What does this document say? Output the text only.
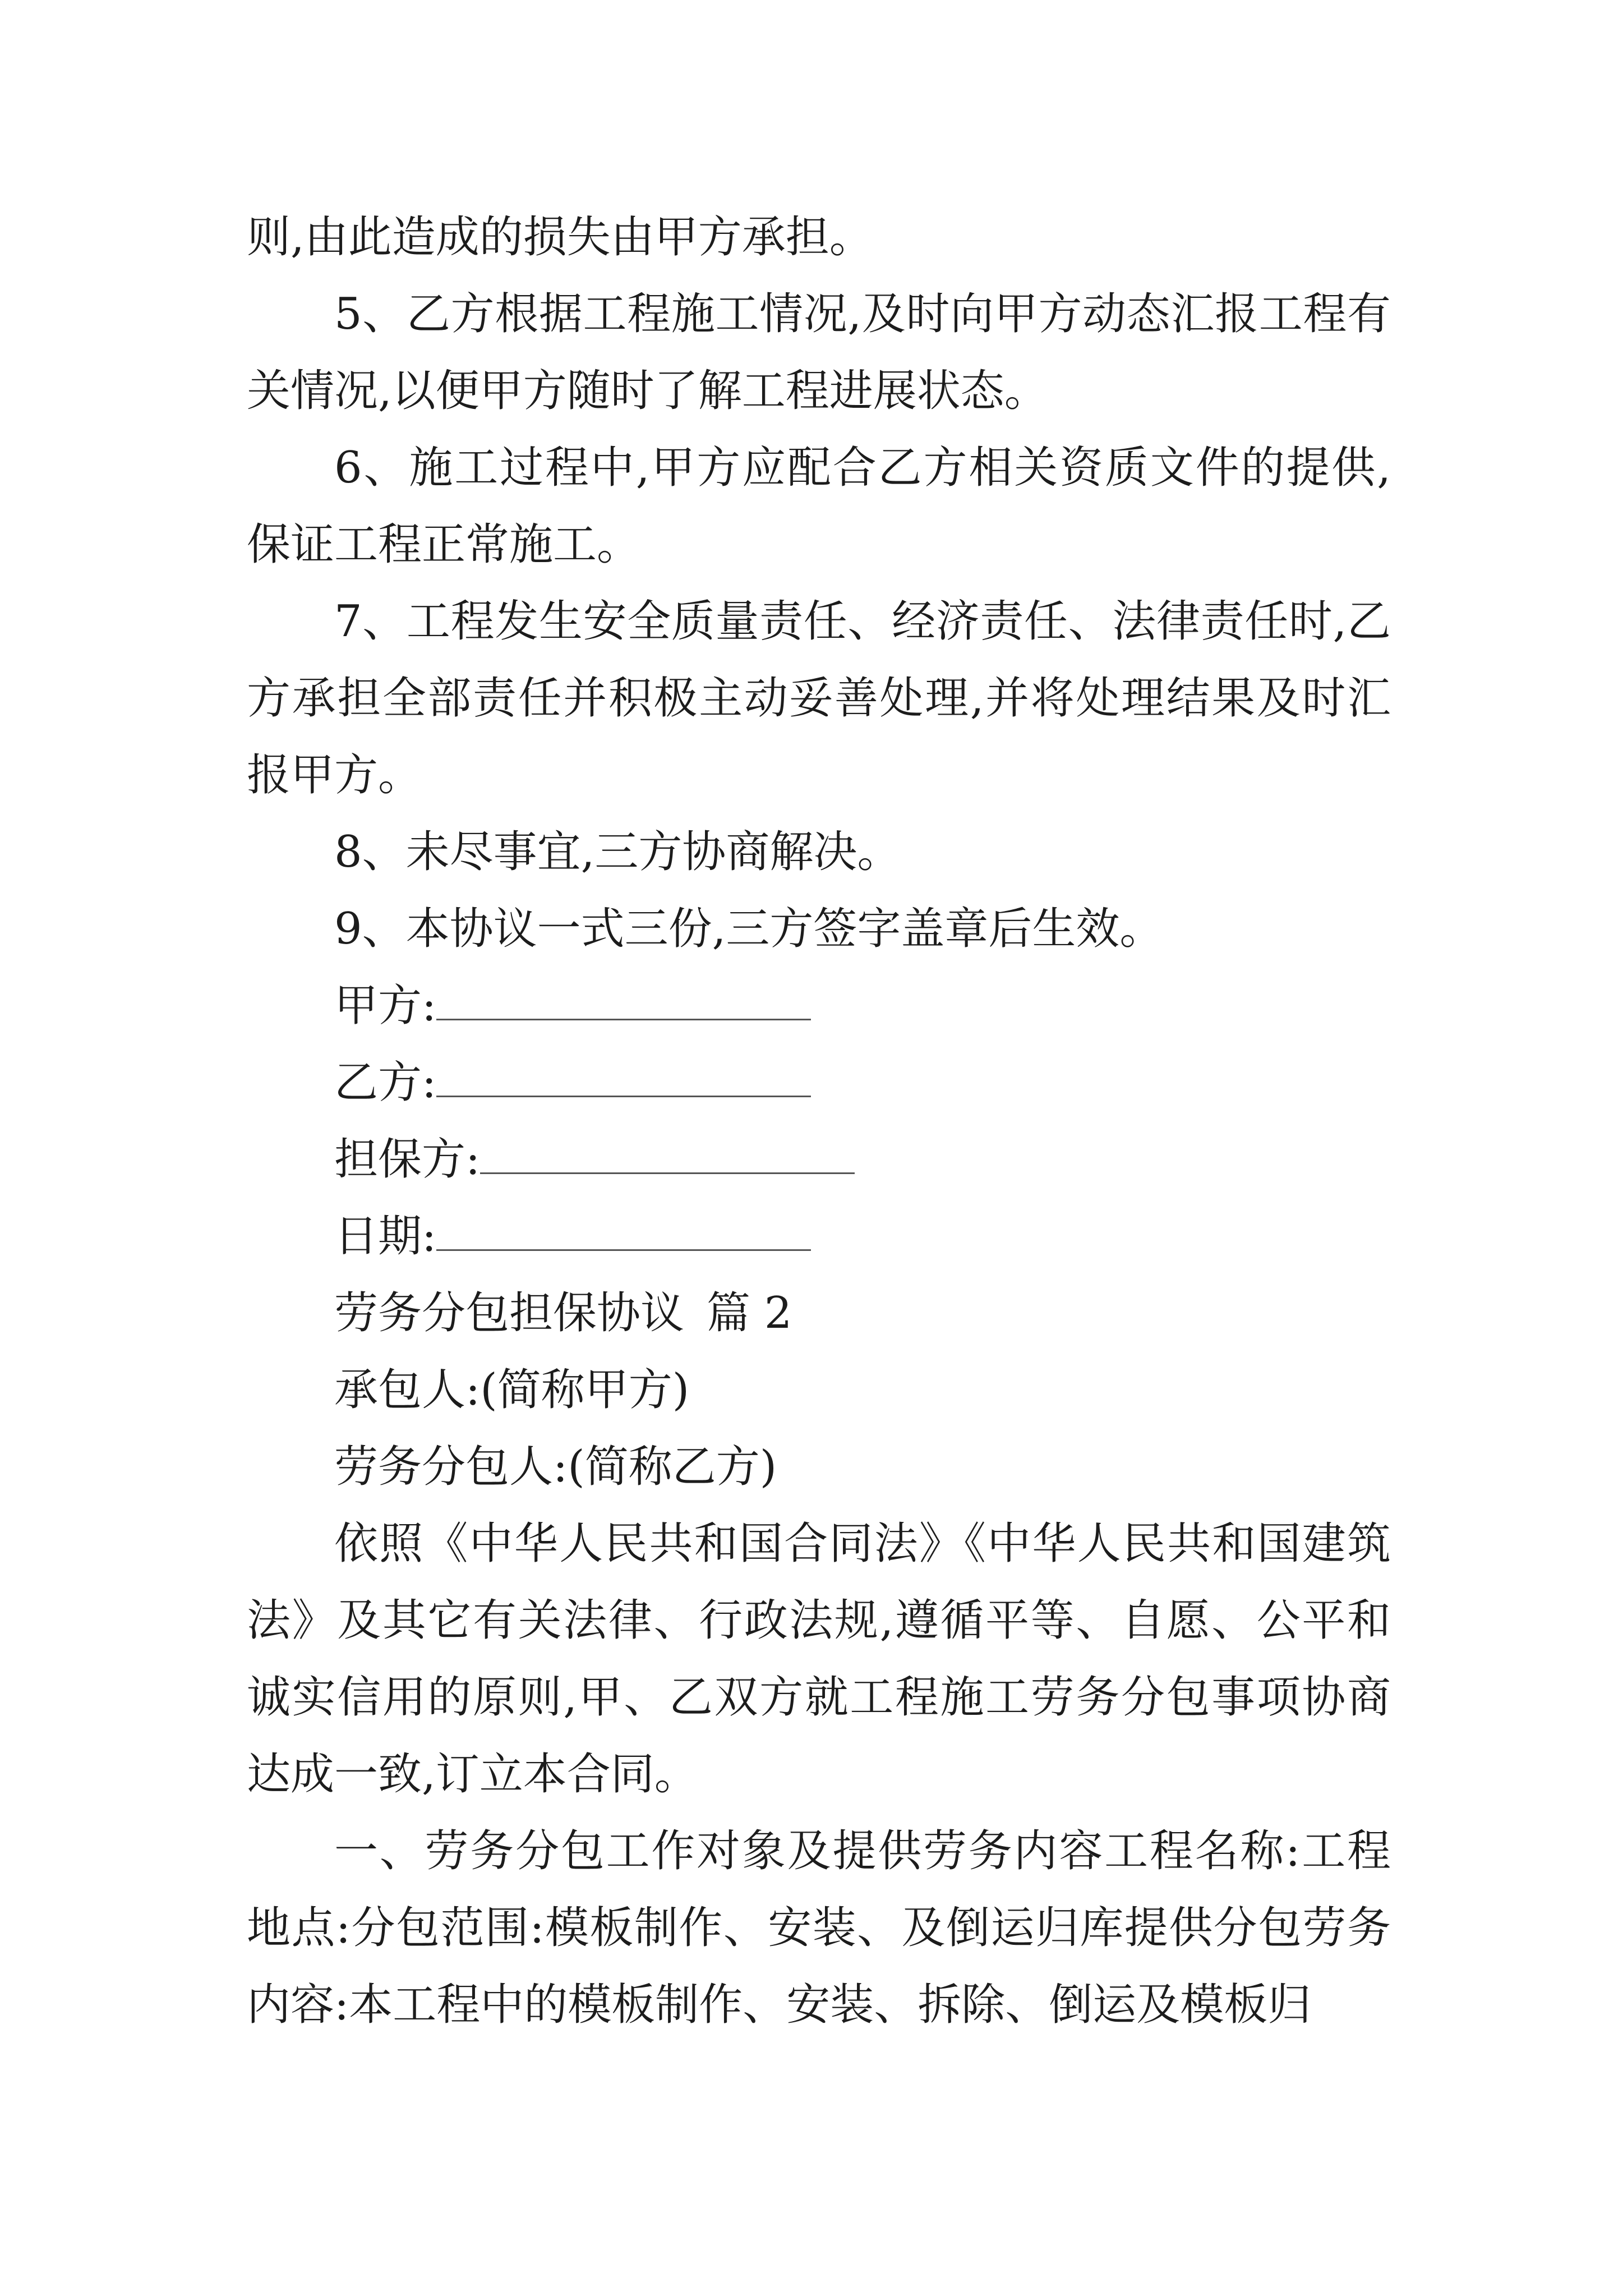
则,由此造成的损失由甲方承担。

5、乙方根据工程施工情况,及时向甲方动态汇报工程有关情况,以便甲方随时了解工程进展状态。

6、施工过程中,甲方应配合乙方相关资质文件的提供,保证工程正常施工。

7、工程发生安全质量责任、经济责任、法律责任时,乙方承担全部责任并积极主动妥善处理,并将处理结果及时汇报甲方。

8、未尽事宜,三方协商解决。

9、本协议一式三份,三方签字盖章后生效。

甲方:

乙方:

担保方:

日期:

劳务分包担保协议 篇 2

承包人:(简称甲方)

劳务分包人:(简称乙方)

依照《中华人民共和国合同法》《中华人民共和国建筑法》及其它有关法律、行政法规,遵循平等、自愿、公平和诚实信用的原则,甲、乙双方就工程施工劳务分包事项协商达成一致,订立本合同。

一、劳务分包工作对象及提供劳务内容工程名称:工程地点:分包范围:模板制作、安装、及倒运归库提供分包劳务内容:本工程中的模板制作、安装、拆除、倒运及模板归
